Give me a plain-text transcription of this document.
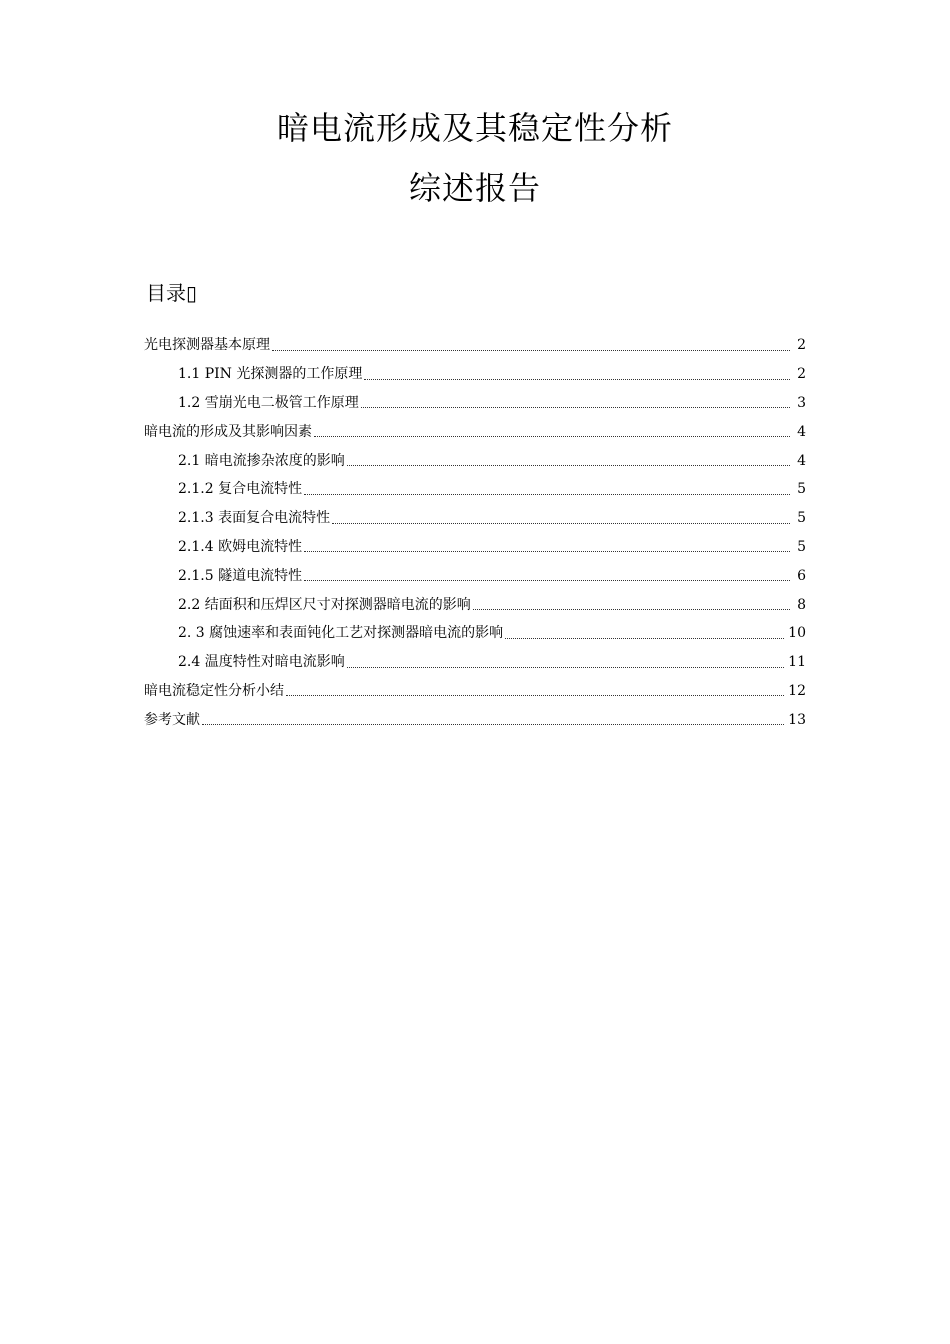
暗电流形成及其稳定性分析
综述报告
目录▯
光电探测器基本原理	2
1.1 PIN 光探测器的工作原理	2
1.2 雪崩光电二极管工作原理	3
暗电流的形成及其影响因素	4
2.1 暗电流掺杂浓度的影响	4
2.1.2 复合电流特性	5
2.1.3 表面复合电流特性	5
2.1.4 欧姆电流特性	5
2.1.5 隧道电流特性	6
2.2 结面积和压焊区尺寸对探测器暗电流的影响	8
2. 3 腐蚀速率和表面钝化工艺对探测器暗电流的影响	10
2.4 温度特性对暗电流影响	11
暗电流稳定性分析小结	12
参考文献	13
